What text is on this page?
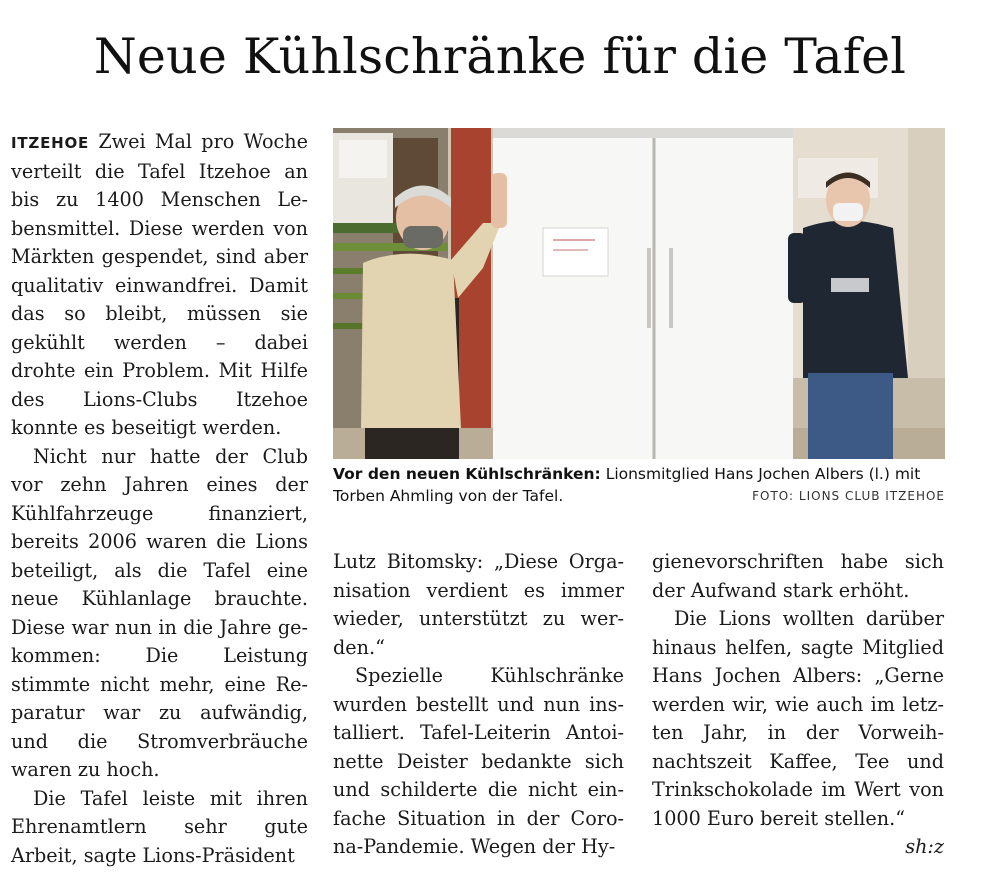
Neue Kühlschränke für die Tafel

ITZEHOE Zwei Mal pro Woche verteilt die Tafel Itzehoe an bis zu 1400 Menschen Lebensmittel. Diese werden von Märkten gespendet, sind aber qualitativ einwandfrei. Damit das so bleibt, müssen sie gekühlt werden – dabei drohte ein Problem. Mit Hilfe des Lions-Clubs Itzehoe konnte es beseitigt werden.

Nicht nur hatte der Club vor zehn Jahren eines der Kühlfahrzeuge finanziert, bereits 2006 waren die Lions beteiligt, als die Tafel eine neue Kühlanlage brauchte. Diese war nun in die Jahre gekommen: Die Leistung stimmte nicht mehr, eine Reparatur war zu aufwändig, und die Stromverbräuche waren zu hoch.

Die Tafel leiste mit ihren Ehrenamtlern sehr gute Arbeit, sagte Lions-Präsident

Vor den neuen Kühlschränken: Lionsmitglied Hans Jochen Albers (l.) mit Torben Ahmling von der Tafel.	FOTO: LIONS CLUB ITZEHOE

Lutz Bitomsky: „Diese Organisation verdient es immer wieder, unterstützt zu werden.“

Spezielle Kühlschränke wurden bestellt und nun installiert. Tafel-Leiterin Antoinette Deister bedankte sich und schilderte die nicht einfache Situation in der Corona-Pandemie. Wegen der Hy-

gienevorschriften habe sich der Aufwand stark erhöht.

Die Lions wollten darüber hinaus helfen, sagte Mitglied Hans Jochen Albers: „Gerne werden wir, wie auch im letzten Jahr, in der Vorweihnachtszeit Kaffee, Tee und Trinkschokolade im Wert von 1000 Euro bereit stellen.“
sh:z
